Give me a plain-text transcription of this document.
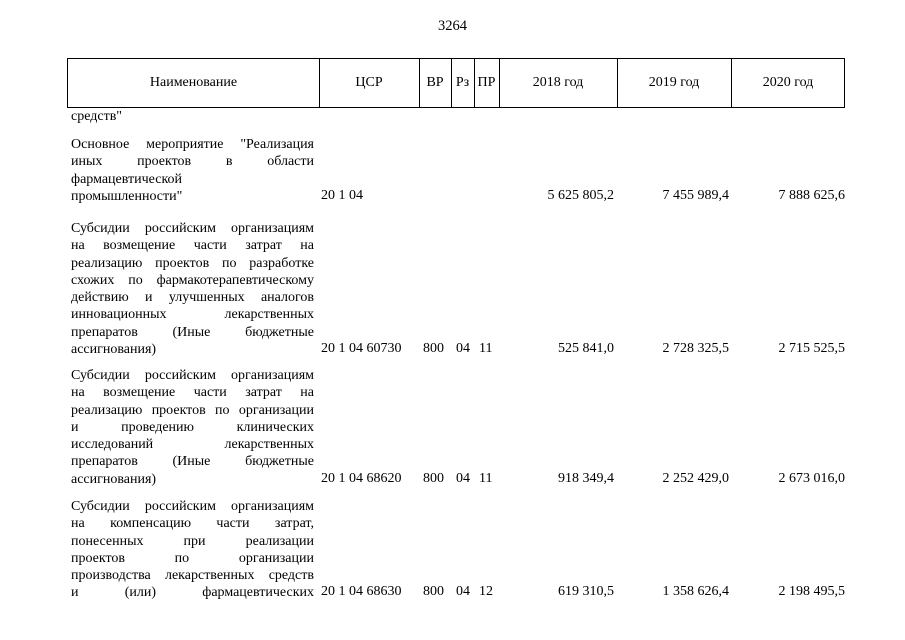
3264
Наименование	ЦСР	ВР Рз ПР	2018 год	2019 год	2020 год
средств"
Основное мероприятие "Реализация
иных проектов в области
фармацевтической
промышленности"	20 1 04	5 625 805,2	7 455 989,4	7 888 625,6
Субсидии российским организациям
на возмещение части затрат на
реализацию проектов по разработке
схожих по фармакотерапевтическому
действию и улучшенных аналогов
инновационных лекарственных
препаратов (Иные бюджетные
ассигнования)	20 1 04 60730 800 04 11	525 841,0	2 728 325,5	2 715 525,5
Субсидии российским организациям
на возмещение части затрат на
реализацию проектов по организации
и проведению клинических
исследований лекарственных
препаратов (Иные бюджетные
ассигнования)	20 1 04 68620 800 04 11	918 349,4	2 252 429,0	2 673 016,0
Субсидии российским организациям
на компенсацию части затрат,
понесенных при реализации
проектов по организации
производства лекарственных средств
и (или) фармацевтических 20 1 04 68630 800 04 12	619 310,5	1 358 626,4	2 198 495,5
